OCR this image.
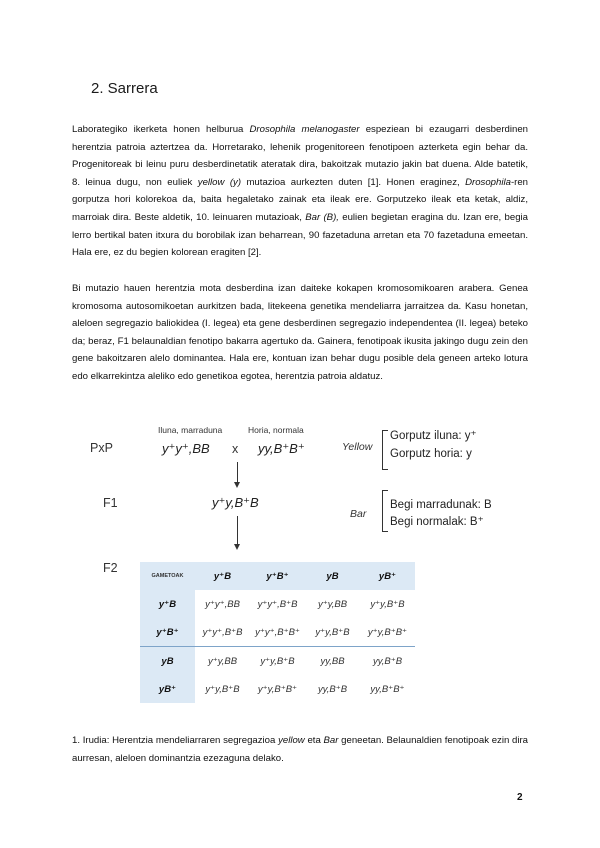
2. Sarrera

Laborategiko ikerketa honen helburua Drosophila melanogaster espeziean bi ezaugarri desberdinen herentzia patroia aztertzea da. Horretarako, lehenik progenitoreen fenotipoen azterketa egin behar da. Progenitoreak bi leinu puru desberdinetatik ateratak dira, bakoitzak mutazio jakin bat duena. Alde batetik, 8. leinua dugu, non euliek yellow (y) mutazioa aurkezten duten [1]. Honen eraginez, Drosophila-ren gorputza hori kolorekoa da, baita hegaletako zainak eta ileak ere. Gorputzeko ileak eta ketak, aldiz, marroiak dira. Beste aldetik, 10. leinuaren mutazioak, Bar (B), eulien begietan eragina du. Izan ere, begia lerro bertikal baten itxura du borobilak izan beharrean, 90 fazetaduna arretan eta 70 fazetaduna emeetan. Hala ere, ez du begien kolorean eragiten [2].

Bi mutazio hauen herentzia mota desberdina izan daiteke kokapen kromosomikoaren arabera. Genea kromosoma autosomikoetan aurkitzen bada, litekeena genetika mendeliarra jarraitzea da. Kasu honetan, aleloen segregazio baliokidea (I. legea) eta gene desberdinen segregazio independentea (II. legea) beteko da; beraz, F1 belaunaldian fenotipo bakarra agertuko da. Gainera, fenotipoak ikusita jakingo dugu zein den gene bakoitzaren alelo dominantea. Hala ere, kontuan izan behar dugu posible dela geneen arteko lotura edo elkarrekintza aleliko edo genetikoa egotea, herentzia patroia aldatuz.

PxP
F1
F2
Iluna, marraduna	Horia, normala
y⁺y⁺,BB x yy,B⁺B⁺
y⁺y,B⁺B
Yellow
Gorputz iluna: y⁺
Gorputz horia: y
Bar
Begi marradunak: B
Begi normalak: B⁺
GAMETOAK	y⁺B	y⁺B⁺	yB	yB⁺
y⁺B	y⁺y⁺,BB	y⁺y⁺,B⁺B	y⁺y,BB	y⁺y,B⁺B
y⁺B⁺	y⁺y⁺,B⁺B	y⁺y⁺,B⁺B⁺	y⁺y,B⁺B	y⁺y,B⁺B⁺
yB	y⁺y,BB	y⁺y,B⁺B	yy,BB	yy,B⁺B
yB⁺	y⁺y,B⁺B	y⁺y,B⁺B⁺	yy,B⁺B	yy,B⁺B⁺

1. Irudia: Herentzia mendeliarraren segregazioa yellow eta Bar geneetan. Belaunaldien fenotipoak ezin dira aurresan, aleloen dominantzia ezezaguna delako.

2
